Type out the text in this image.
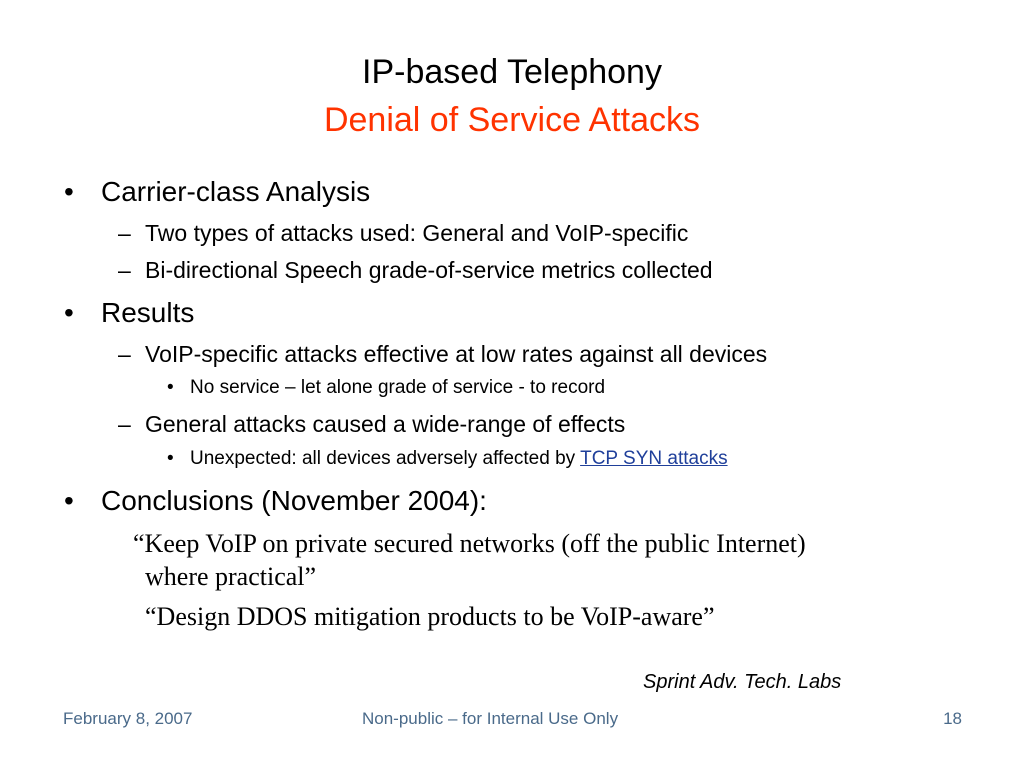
IP-based Telephony
Denial of Service Attacks
• Carrier-class Analysis
– Two types of attacks used: General and VoIP-specific
– Bi-directional Speech grade-of-service metrics collected
• Results
– VoIP-specific attacks effective at low rates against all devices
• No service – let alone grade of service - to record
– General attacks caused a wide-range of effects
• Unexpected: all devices adversely affected by TCP SYN attacks
• Conclusions (November 2004):
“Keep VoIP on private secured networks (off the public Internet)
where practical”
“Design DDOS mitigation products to be VoIP-aware”
Sprint Adv. Tech. Labs
February 8, 2007	Non-public – for Internal Use Only	18
